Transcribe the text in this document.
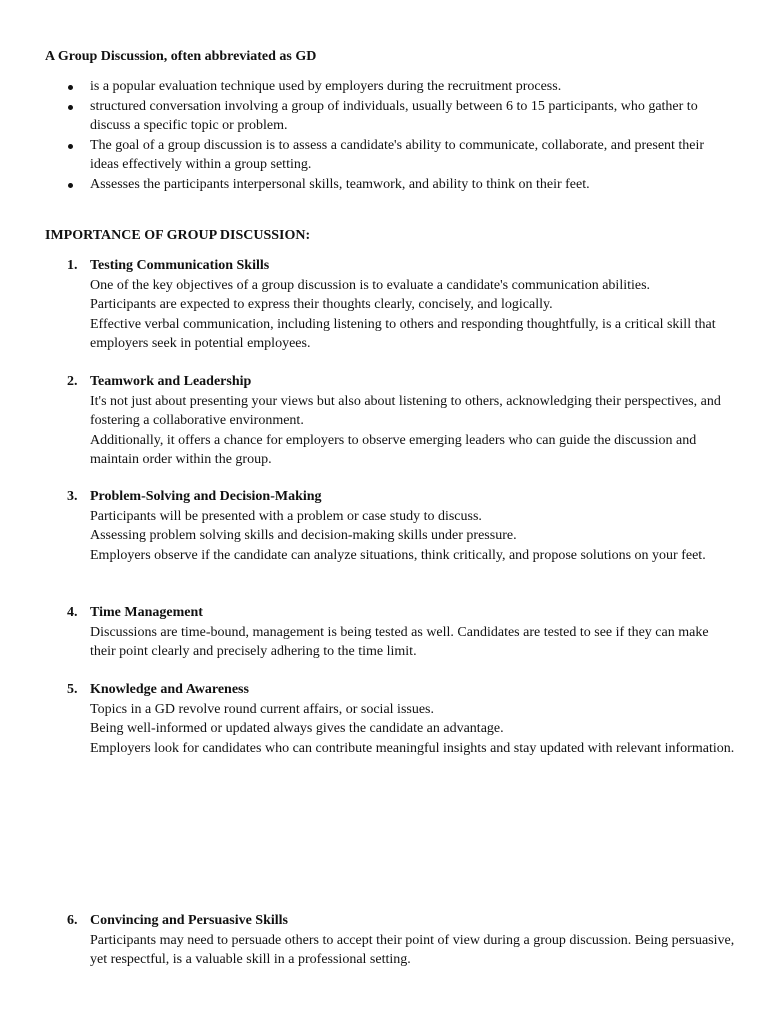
A Group Discussion, often abbreviated as GD

is a popular evaluation technique used by employers during the recruitment process.
structured conversation involving a group of individuals, usually between 6 to 15 participants, who gather to discuss a specific topic or problem.
The goal of a group discussion is to assess a candidate's ability to communicate, collaborate, and present their ideas effectively within a group setting.
Assesses the participants interpersonal skills, teamwork, and ability to think on their feet.

IMPORTANCE OF GROUP DISCUSSION:

1. Testing Communication Skills
One of the key objectives of a group discussion is to evaluate a candidate's communication abilities.
Participants are expected to express their thoughts clearly, concisely, and logically.
Effective verbal communication, including listening to others and responding thoughtfully, is a critical skill that employers seek in potential employees.
2. Teamwork and Leadership
It's not just about presenting your views but also about listening to others, acknowledging their perspectives, and fostering a collaborative environment.
Additionally, it offers a chance for employers to observe emerging leaders who can guide the discussion and maintain order within the group.
3. Problem-Solving and Decision-Making
Participants will be presented with a problem or case study to discuss.
Assessing problem solving skills and decision-making skills under pressure.
Employers observe if the candidate can analyze situations, think critically, and propose solutions on your feet.
4. Time Management
Discussions are time-bound, management is being tested as well. Candidates are tested to see if they can make their point clearly and precisely adhering to the time limit.
5. Knowledge and Awareness
Topics in a GD revolve round current affairs, or social issues.
Being well-informed or updated always gives the candidate an advantage.
Employers look for candidates who can contribute meaningful insights and stay updated with relevant information.
6. Convincing and Persuasive Skills
Participants may need to persuade others to accept their point of view during a group discussion. Being persuasive, yet respectful, is a valuable skill in a professional setting.
